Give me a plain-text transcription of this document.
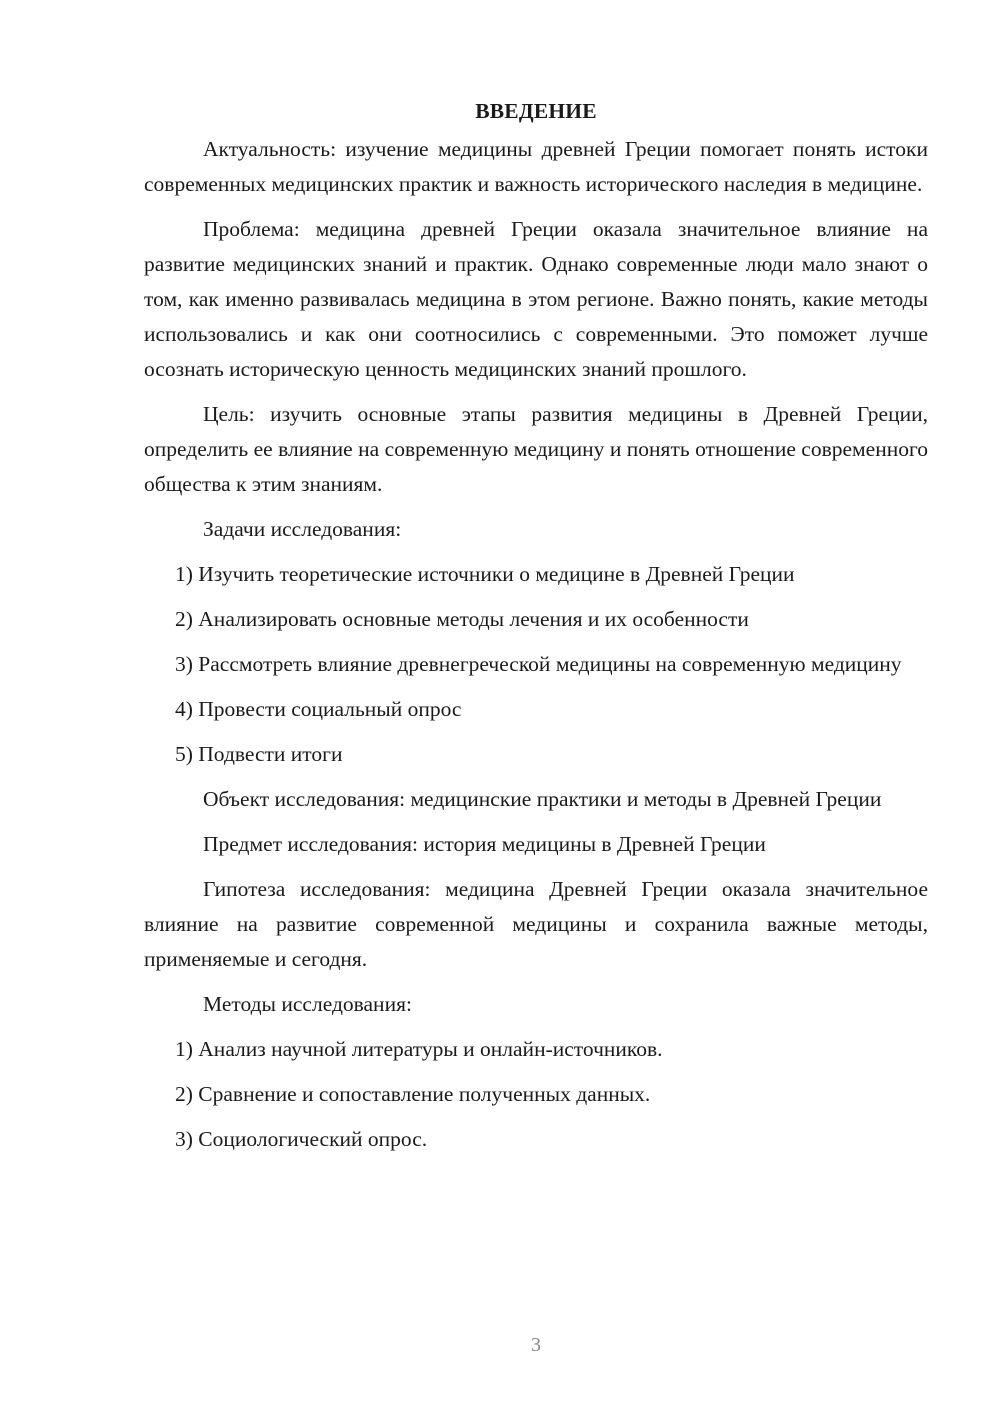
ВВЕДЕНИЕ

Актуальность: изучение медицины древней Греции помогает понять истоки современных медицинских практик и важность исторического наследия в медицине.

Проблема: медицина древней Греции оказала значительное влияние на развитие медицинских знаний и практик. Однако современные люди мало знают о том, как именно развивалась медицина в этом регионе. Важно понять, какие методы использовались и как они соотносились с современными. Это поможет лучше осознать историческую ценность медицинских знаний прошлого.

Цель: изучить основные этапы развития медицины в Древней Греции, определить ее влияние на современную медицину и понять отношение современного общества к этим знаниям.

Задачи исследования:

1) Изучить теоретические источники о медицине в Древней Греции

2) Анализировать основные методы лечения и их особенности

3) Рассмотреть влияние древнегреческой медицины на современную медицину

4) Провести социальный опрос

5) Подвести итоги

Объект исследования: медицинские практики и методы в Древней Греции

Предмет исследования: история медицины в Древней Греции

Гипотеза исследования: медицина Древней Греции оказала значительное влияние на развитие современной медицины и сохранила важные методы, применяемые и сегодня.

Методы исследования:

1) Анализ научной литературы и онлайн-источников.

2) Сравнение и сопоставление полученных данных.

3) Социологический опрос.

3
